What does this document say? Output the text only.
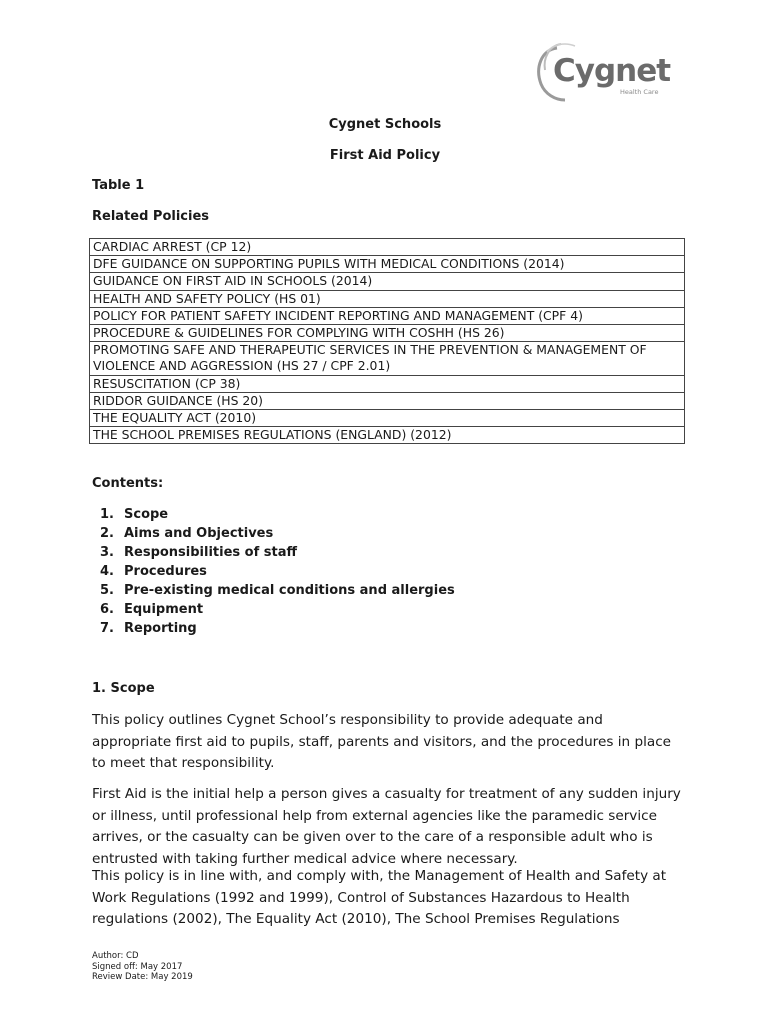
Cygnet
Health Care
Cygnet Schools
First Aid Policy
Table 1
Related Policies
CARDIAC ARREST (CP 12)
DFE GUIDANCE ON SUPPORTING PUPILS WITH MEDICAL CONDITIONS (2014)
GUIDANCE ON FIRST AID IN SCHOOLS (2014)
HEALTH AND SAFETY POLICY (HS 01)
POLICY FOR PATIENT SAFETY INCIDENT REPORTING AND MANAGEMENT (CPF 4)
PROCEDURE & GUIDELINES FOR COMPLYING WITH COSHH (HS 26)
PROMOTING SAFE AND THERAPEUTIC SERVICES IN THE PREVENTION & MANAGEMENT OF VIOLENCE AND AGGRESSION (HS 27 / CPF 2.01)
RESUSCITATION (CP 38)
RIDDOR GUIDANCE (HS 20)
THE EQUALITY ACT (2010)
THE SCHOOL PREMISES REGULATIONS (ENGLAND) (2012)
Contents:
1. Scope
2. Aims and Objectives
3. Responsibilities of staff
4. Procedures
5. Pre-existing medical conditions and allergies
6. Equipment
7. Reporting
1. Scope

This policy outlines Cygnet School’s responsibility to provide adequate and appropriate first aid to pupils, staff, parents and visitors, and the procedures in place to meet that responsibility.

First Aid is the initial help a person gives a casualty for treatment of any sudden injury or illness, until professional help from external agencies like the paramedic service arrives, or the casualty can be given over to the care of a responsible adult who is entrusted with taking further medical advice where necessary.

This policy is in line with, and comply with, the Management of Health and Safety at Work Regulations (1992 and 1999), Control of Substances Hazardous to Health regulations (2002), The Equality Act (2010), The School Premises Regulations

Author: CD
Signed off: May 2017
Review Date: May 2019
